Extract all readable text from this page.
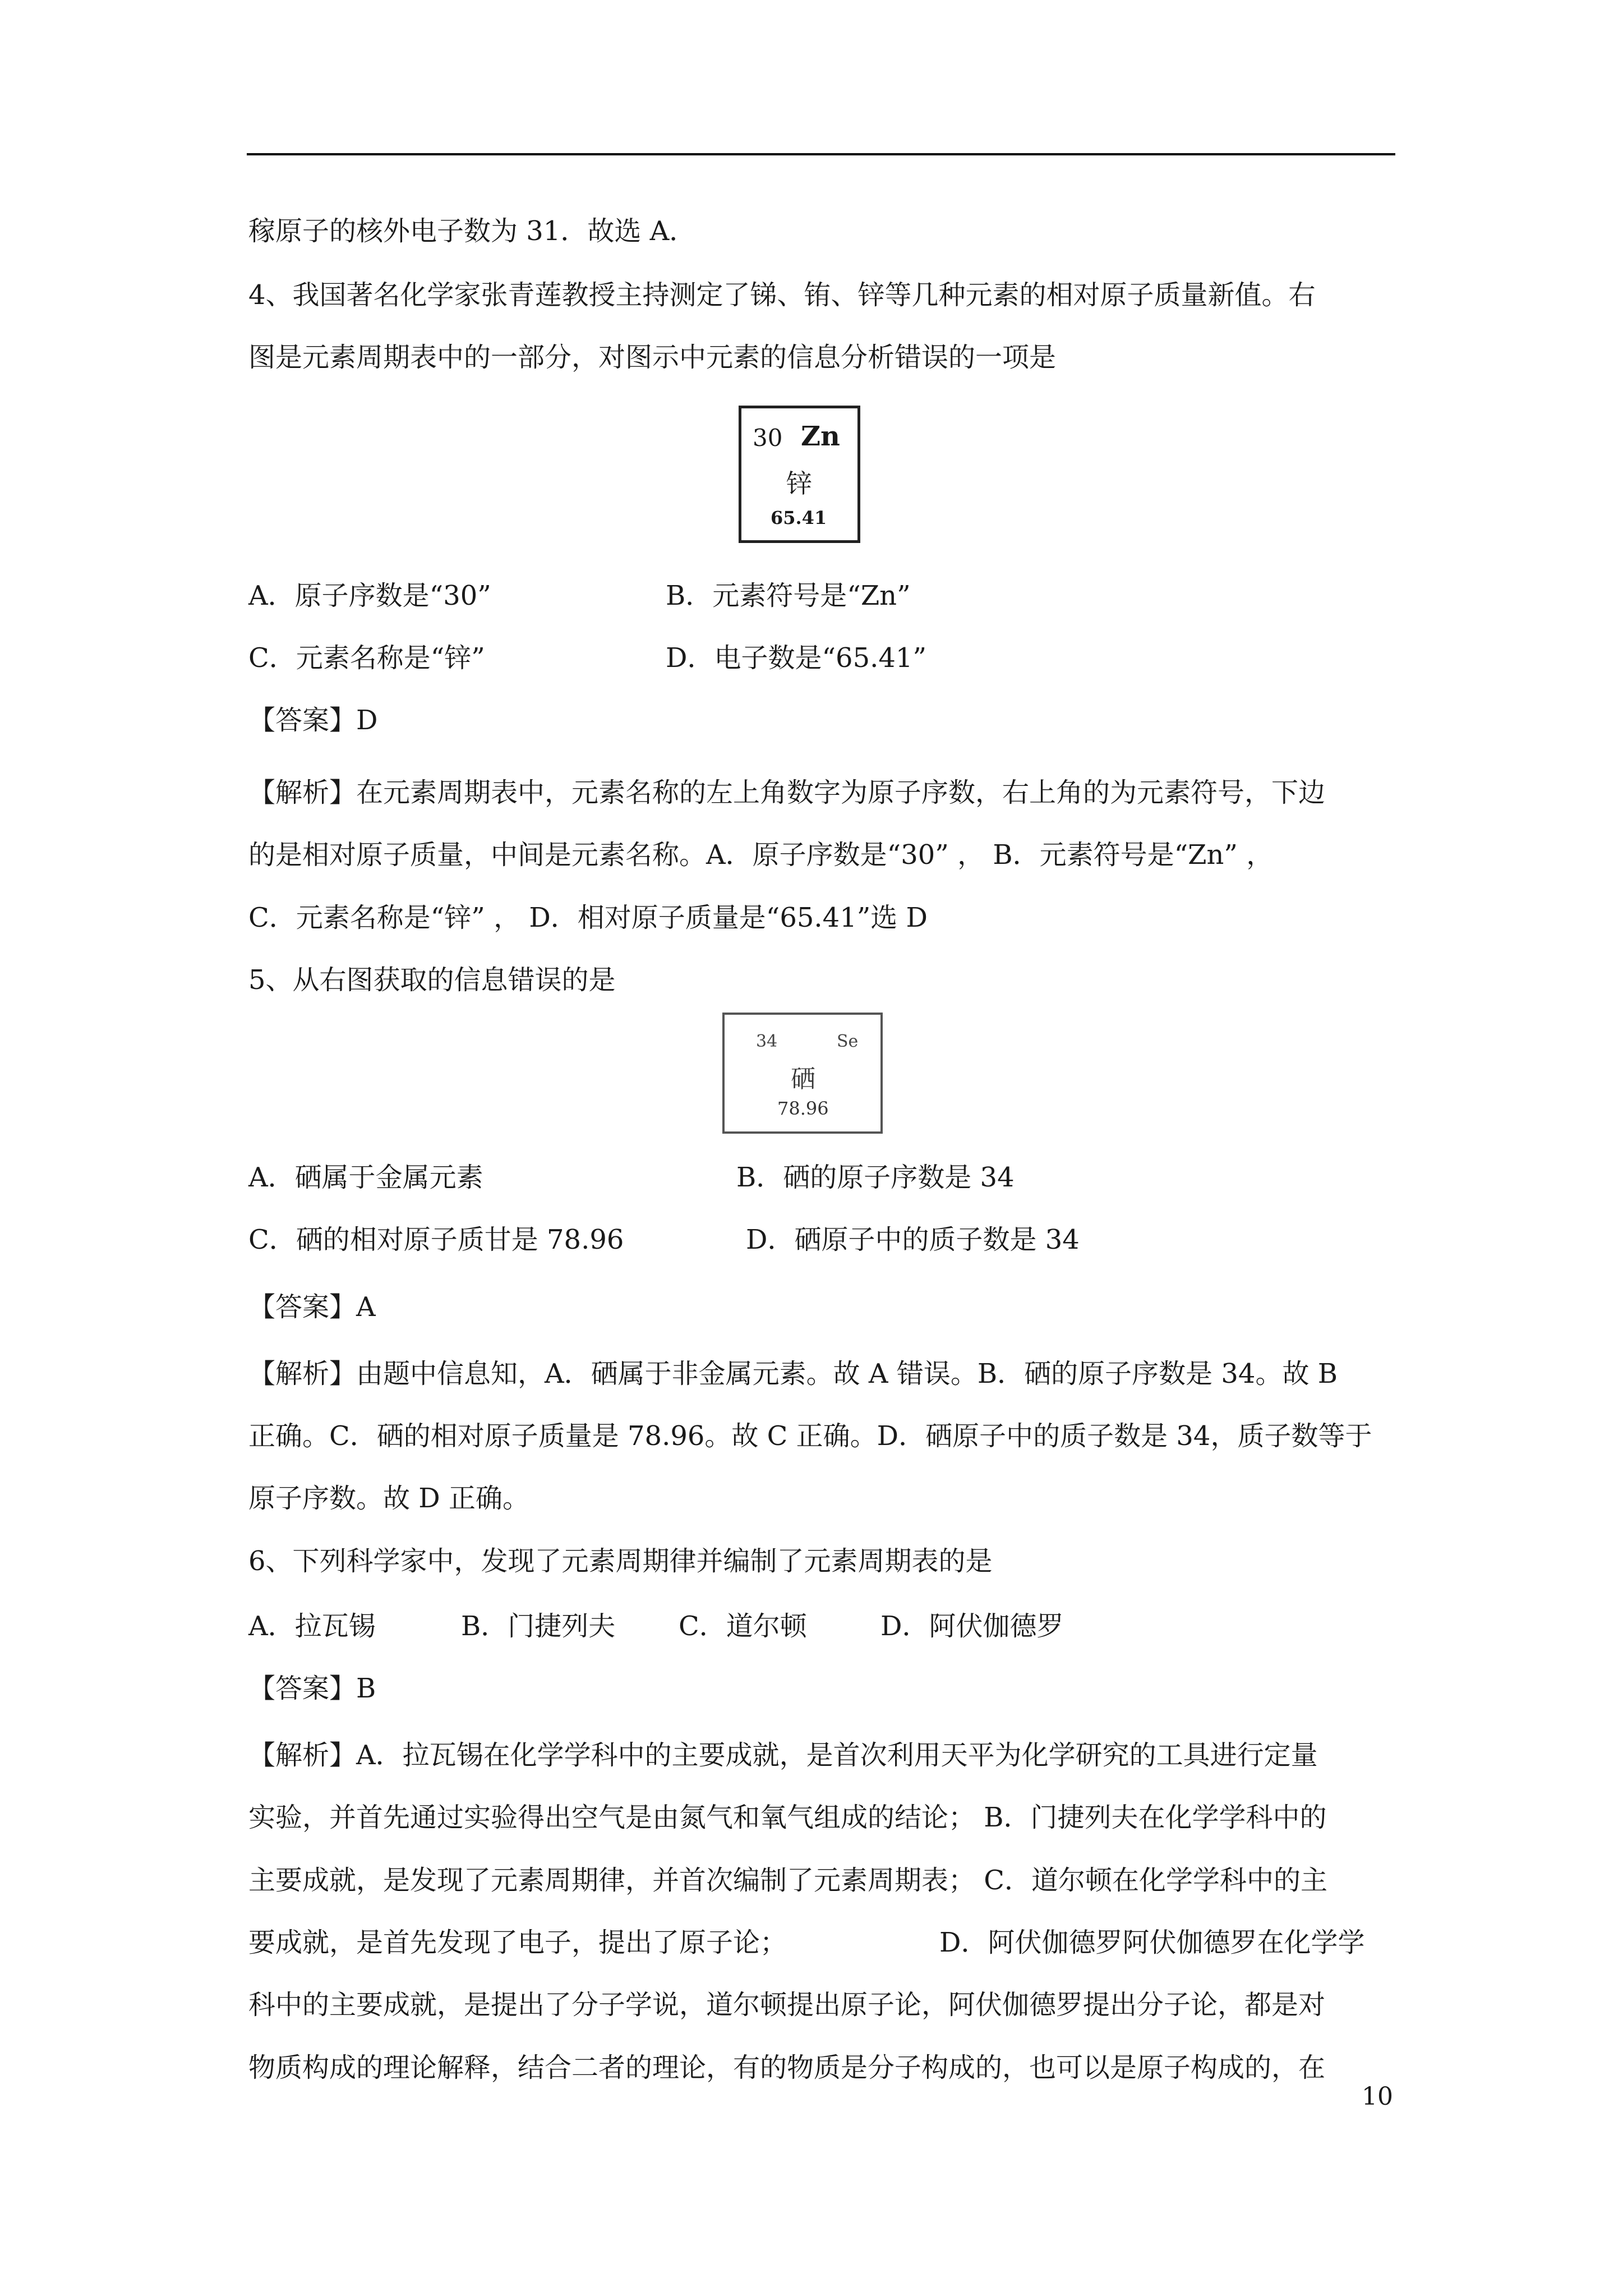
稼原子的核外电子数为 31．故选 A．
4、我国著名化学家张青莲教授主持测定了锑、铕、锌等几种元素的相对原子质量新值。右
图是元素周期表中的一部分，对图示中元素的信息分析错误的一项是
30 Zn
锌
65.41
A．原子序数是“30”	B．元素符号是“Zn”
C．元素名称是“锌”	D．电子数是“65.41”
【答案】D
【解析】在元素周期表中，元素名称的左上角数字为原子序数，右上角的为元素符号，下边
的是相对原子质量，中间是元素名称。A．原子序数是“30” ， B．元素符号是“Zn” ，
C．元素名称是“锌” ， D．相对原子质量是“65.41”选 D
5、从右图获取的信息错误的是
34	Se
硒
78.96
A．硒属于金属元素	B．硒的原子序数是 34
C．硒的相对原子质甘是 78.96	D．硒原子中的质子数是 34
【答案】A
【解析】由题中信息知，A．硒属于非金属元素。故 A 错误。B．硒的原子序数是 34。故 B
正确。C．硒的相对原子质量是 78.96。故 C 正确。D．硒原子中的质子数是 34，质子数等于
原子序数。故 D 正确。
6、下列科学家中，发现了元素周期律并编制了元素周期表的是
A．拉瓦锡	B．门捷列夫 C．道尔顿	D．阿伏伽德罗
【答案】B
【解析】A．拉瓦锡在化学学科中的主要成就，是首次利用天平为化学研究的工具进行定量
实验，并首先通过实验得出空气是由氮气和氧气组成的结论； B．门捷列夫在化学学科中的
主要成就，是发现了元素周期律，并首次编制了元素周期表； C．道尔顿在化学学科中的主
要成就，是首先发现了电子，提出了原子论；	D．阿伏伽德罗阿伏伽德罗在化学学
科中的主要成就，是提出了分子学说，道尔顿提出原子论，阿伏伽德罗提出分子论，都是对
物质构成的理论解释，结合二者的理论，有的物质是分子构成的，也可以是原子构成的，在
10
